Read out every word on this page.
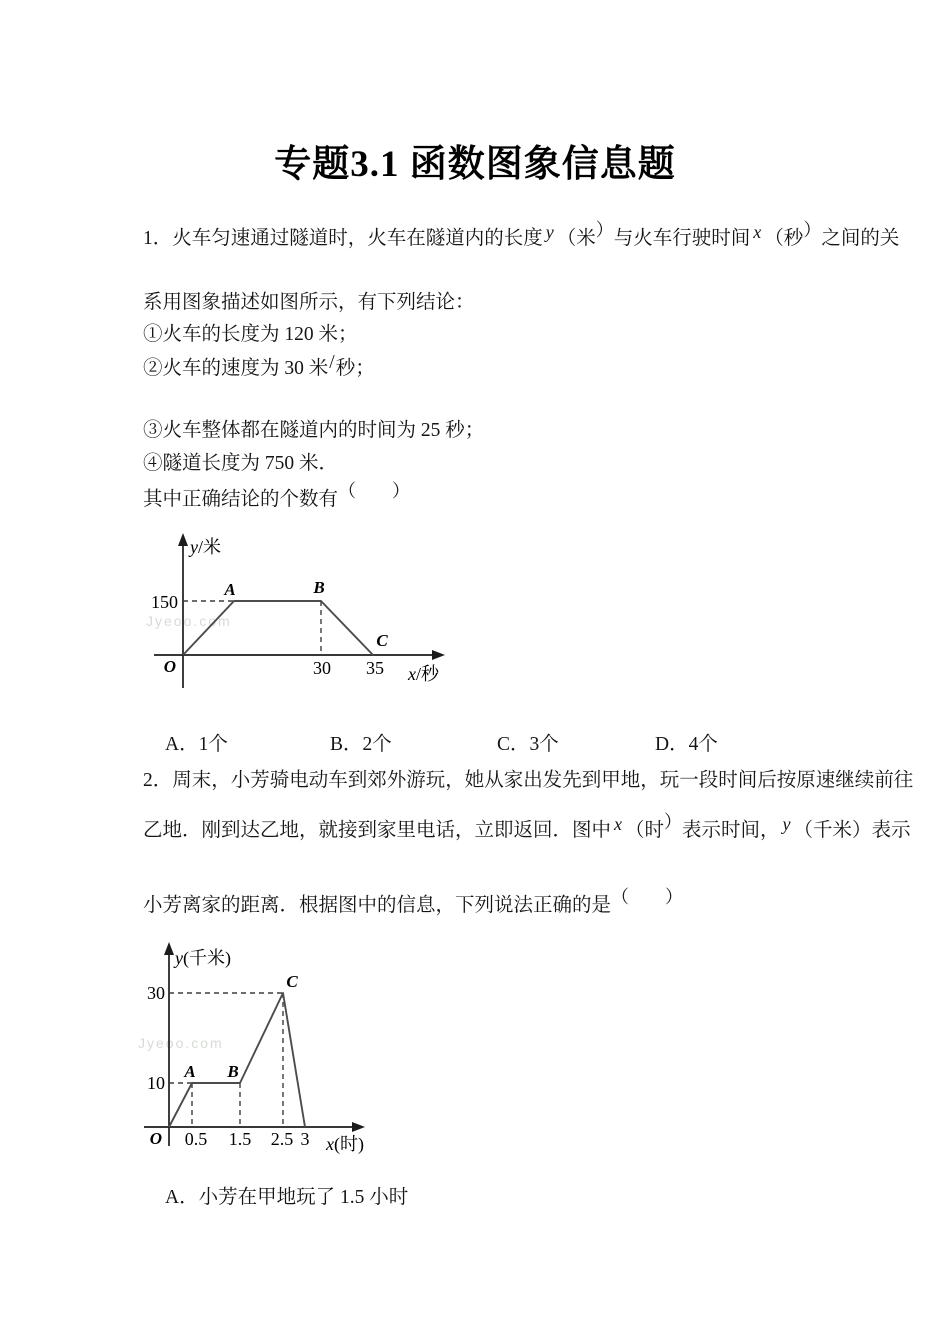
专题3.1 函数图象信息题
1．火车匀速通过隧道时，火车在隧道内的长度 y （米）与火车行驶时间 x （秒）之间的关
系用图象描述如图所示，有下列结论：
①火车的长度为 120 米；
②火车的速度为 30 米/秒；
③火车整体都在隧道内的时间为 25 秒；
④隧道长度为 750 米．
其中正确结论的个数有（　　）
Jyeoo.com
150
30 35
O
A	B
C
y/米
x/秒
A．1个	B．2个	C．3个	D．4个
2．周末，小芳骑电动车到郊外游玩，她从家出发先到甲地，玩一段时间后按原速继续前往
乙地．刚到达乙地，就接到家里电话，立即返回．图中 x （时）表示时间， y （千米）表示
小芳离家的距离．根据图中的信息，下列说法正确的是（　　）
Jyeoo.com
30
10
O 0.5 1.5 2.5 3
A B
C
y(千米)
x(时)
A．小芳在甲地玩了 1.5 小时
